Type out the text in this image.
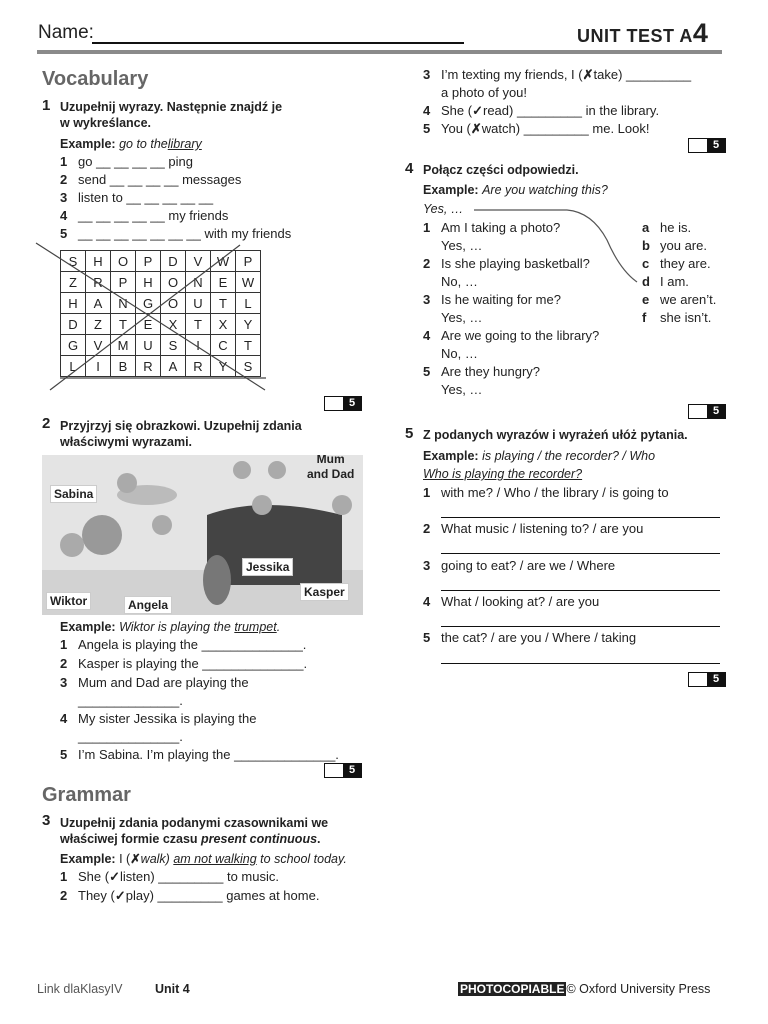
Name:	UNIT TEST A4
Vocabulary
1 Uzupełnij wyrazy. Następnie znajdź je
w wykreślance.
Example: go to thelibrary
1 go __ __ __ __ ping
2 send __ __ __ __ messages
3 listen to __ __ __ __ __
4 __ __ __ __ __ my friends
5 __ __ __ __ __ __ __ with my friends
S	H	O	P	D	V	W	P
Z	R	P	H	O	N	E	W
H	A	N	G	O	U	T	L
D	Z	T	E	X	T	X	Y
G	V	M	U	S	I	C	T
L	I	B	R	A	R	Y	S
5
2 Przyjrzyj się obrazkowi. Uzupełnij zdania
właściwymi wyrazami.
Sabina
Mum
and Dad
Jessika
Kasper
Wiktor	Angela
Example: Wiktor is playing the trumpet.
1 Angela is playing the ______________.
2 Kasper is playing the ______________.
3 Mum and Dad are playing the
______________.
4 My sister Jessika is playing the
______________.
5 I’m Sabina. I’m playing the ______________.
5
Grammar
3 Uzupełnij zdania podanymi czasownikami we
właściwej formie czasu present continuous.
Example: I (✗walk) am not walking to school today.
1 She (✓listen) _________ to music.
2 They (✓play) _________ games at home.
3 I’m texting my friends, I (✗take) _________
a photo of you!
4 She (✓read) _________ in the library.
5 You (✗watch) _________ me. Look!
5
4 Połącz części odpowiedzi.
Example: Are you watching this?
Yes, …
1 Am I taking a photo?
Yes, …
2 Is she playing basketball?
No, …
3 Is he waiting for me?
Yes, …
4 Are we going to the library?
No, …
5 Are they hungry?
Yes, …
a he is.
b you are.
c they are.
d I am.
e we aren’t.
f she isn’t.
5
5 Z podanych wyrazów i wyrażeń ułóż pytania.
Example: is playing / the recorder? / Who
Who is playing the recorder?
1 with me? / Who / the library / is going to
2 What music / listening to? / are you
3 going to eat? / are we / Where
4 What / looking at? / are you
5 the cat? / are you / Where / taking
5
Link dlaKlasyIV	Unit 4	PHOTOCOPIABLE © Oxford University Press
